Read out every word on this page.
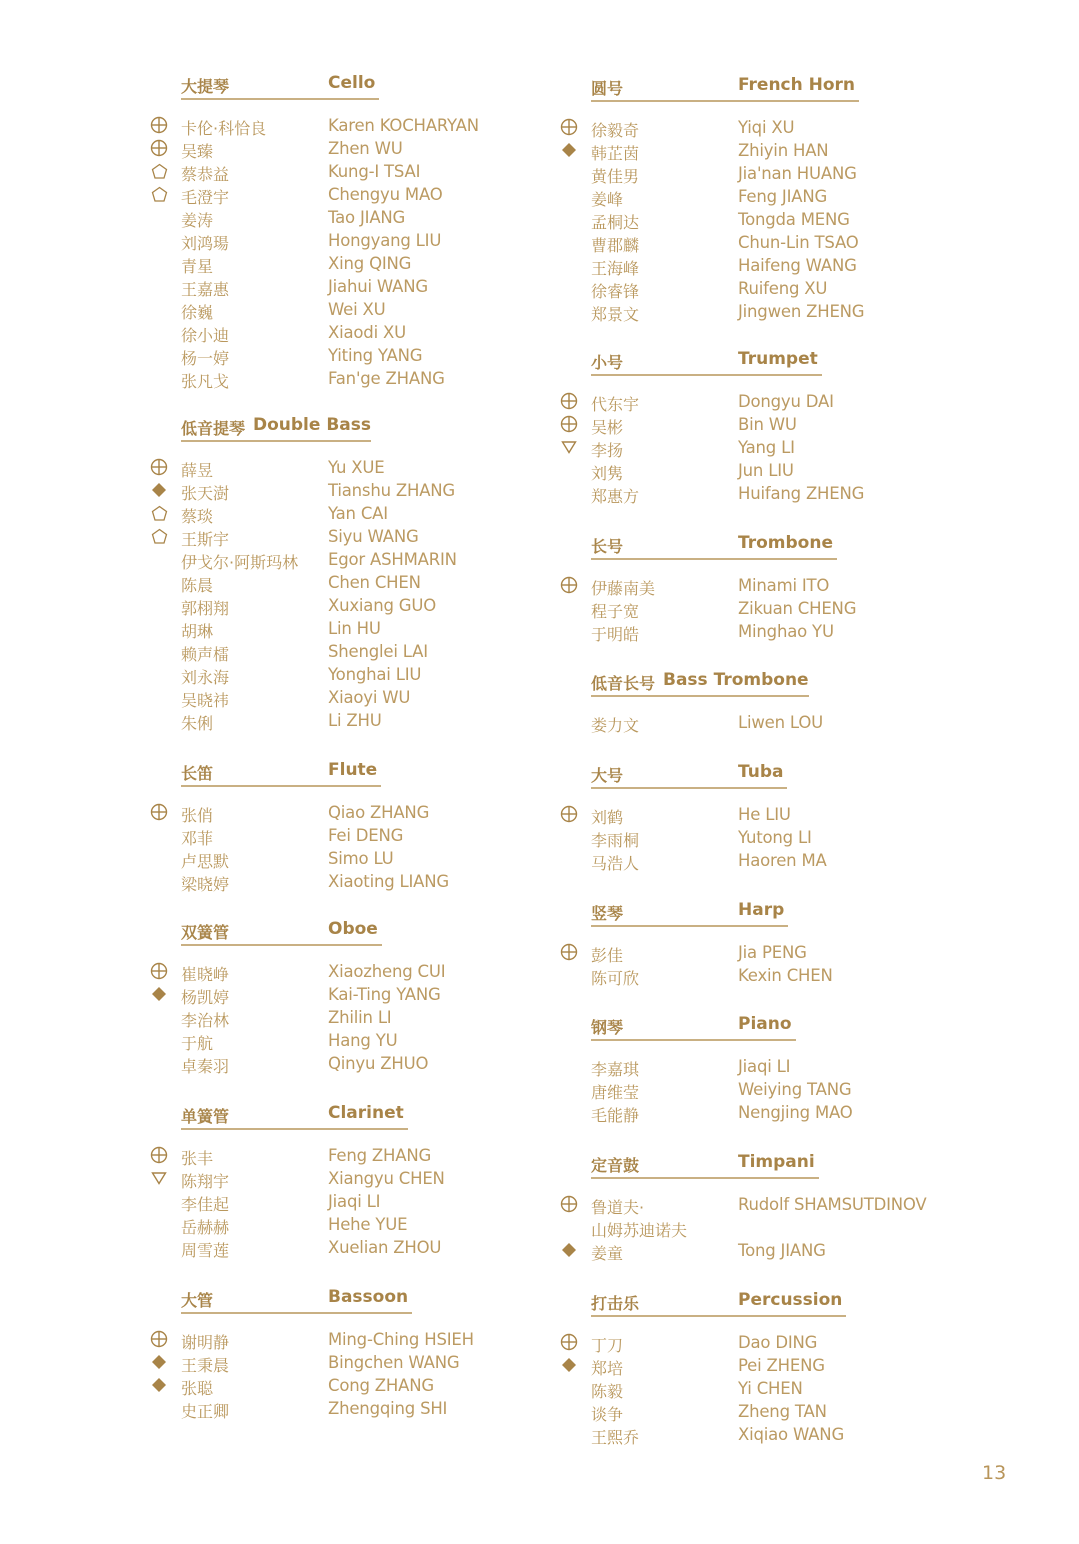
大提琴	Cello
卡伦·科恰良	Karen KOCHARYAN
吴臻	Zhen WU
蔡恭益	Kung-I TSAI
毛澄宇	Chengyu MAO
姜涛	Tao JIANG
刘鸿瑒	Hongyang LIU
青星	Xing QING
王嘉惠	Jiahui WANG
徐巍	Wei XU
徐小迪	Xiaodi XU
杨一婷	Yiting YANG
张凡戈	Fan'ge ZHANG
低音提琴 Double Bass
薛昱	Yu XUE
张天澍	Tianshu ZHANG
蔡琰	Yan CAI
王斯宇	Siyu WANG
伊戈尔·阿斯玛林 Egor ASHMARIN
陈晨	Chen CHEN
郭栩翔	Xuxiang GUO
胡琳	Lin HU
赖声檑	Shenglei LAI
刘永海	Yonghai LIU
吴晓祎	Xiaoyi WU
朱俐	Li ZHU
长笛	Flute
张俏	Qiao ZHANG
邓菲	Fei DENG
卢思默	Simo LU
梁晓婷	Xiaoting LIANG
双簧管	Oboe
崔晓峥	Xiaozheng CUI
杨凯婷	Kai-Ting YANG
李治林	Zhilin LI
于航	Hang YU
卓秦羽	Qinyu ZHUO
单簧管	Clarinet
张丰	Feng ZHANG
陈翔宇	Xiangyu CHEN
李佳起	Jiaqi LI
岳赫赫	Hehe YUE
周雪莲	Xuelian ZHOU
大管	Bassoon
谢明静	Ming-Ching HSIEH
王秉晨	Bingchen WANG
张聪	Cong ZHANG
史正卿	Zhengqing SHI
圆号	French Horn
徐毅奇	Yiqi XU
韩芷茵	Zhiyin HAN
黄佳男	Jia'nan HUANG
姜峰	Feng JIANG
孟桐达	Tongda MENG
曹郡麟	Chun-Lin TSAO
王海峰	Haifeng WANG
徐睿锋	Ruifeng XU
郑景文	Jingwen ZHENG
小号	Trumpet
代东宇	Dongyu DAI
吴彬	Bin WU
李扬	Yang LI
刘隽	Jun LIU
郑惠方	Huifang ZHENG
长号	Trombone
伊藤南美	Minami ITO
程子宽	Zikuan CHENG
于明皓	Minghao YU
低音长号 Bass Trombone
娄力文	Liwen LOU
大号	Tuba
刘鹤	He LIU
李雨桐	Yutong LI
马浩人	Haoren MA
竖琴	Harp
彭佳	Jia PENG
陈可欣	Kexin CHEN
钢琴	Piano
李嘉琪	Jiaqi LI
唐维莹	Weiying TANG
毛能静	Nengjing MAO
定音鼓	Timpani
鲁道夫·
山姆苏迪诺夫
Rudolf SHAMSUTDINOV
姜童	Tong JIANG
打击乐	Percussion
丁刀	Dao DING
郑培	Pei ZHENG
陈毅	Yi CHEN
谈争	Zheng TAN
王熙乔	Xiqiao WANG
13
